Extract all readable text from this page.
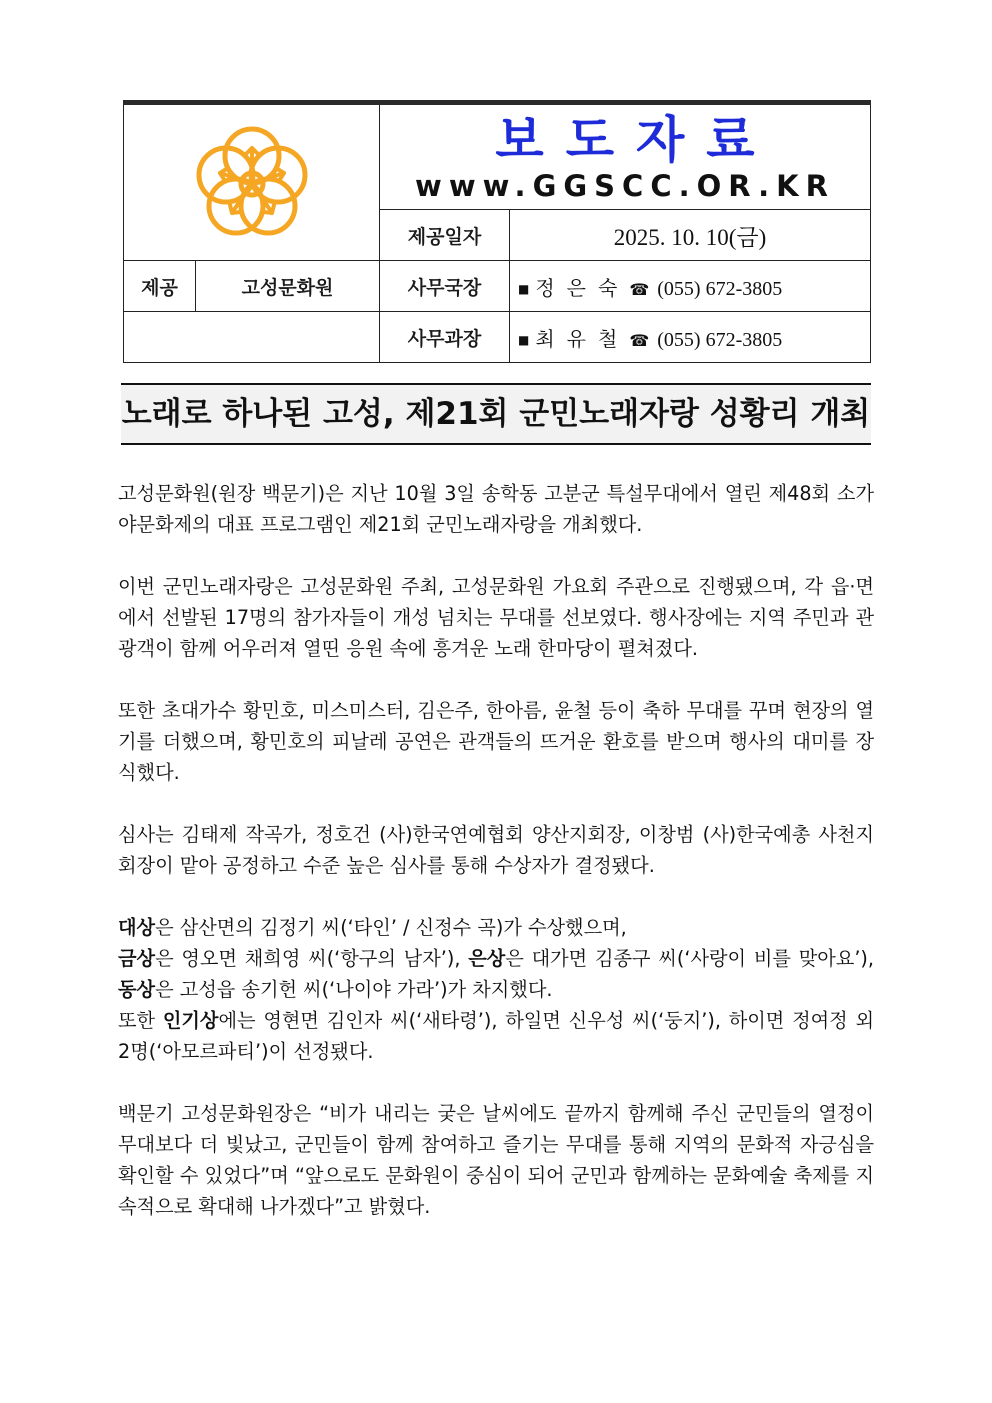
보도자료
www.GGSCC.OR.KR	

		제공일자	2025. 10. 10(금)
제공	고성문화원	사무국장	■ 정은숙☎ (055) 672-3805
		사무과장	■ 최유철☎ (055) 672-3805
노래로 하나된 고성, 제21회 군민노래자랑 성황리 개최

고성문화원(원장 백문기)은 지난 10월 3일 송학동 고분군 특설무대에서 열린 제48회 소가야문화제의 대표 프로그램인 제21회 군민노래자랑을 개최했다.

이번 군민노래자랑은 고성문화원 주최, 고성문화원 가요회 주관으로 진행됐으며, 각 읍·면에서 선발된 17명의 참가자들이 개성 넘치는 무대를 선보였다. 행사장에는 지역 주민과 관광객이 함께 어우러져 열띤 응원 속에 흥겨운 노래 한마당이 펼쳐졌다.

또한 초대가수 황민호, 미스미스터, 김은주, 한아름, 윤철 등이 축하 무대를 꾸며 현장의 열기를 더했으며, 황민호의 피날레 공연은 관객들의 뜨거운 환호를 받으며 행사의 대미를 장식했다.

심사는 김태제 작곡가, 정호건 (사)한국연예협회 양산지회장, 이창범 (사)한국예총 사천지회장이 맡아 공정하고 수준 높은 심사를 통해 수상자가 결정됐다.

대상은 삼산면의 김정기 씨(‘타인’ / 신정수 곡)가 수상했으며,

금상은 영오면 채희영 씨(‘항구의 남자’), 은상은 대가면 김종구 씨(‘사랑이 비를 맞아요’), 동상은 고성읍 송기헌 씨(‘나이야 가라’)가 차지했다.

또한 인기상에는 영현면 김인자 씨(‘새타령’), 하일면 신우성 씨(‘둥지’), 하이면 정여정 외 2명(‘아모르파티’)이 선정됐다.

백문기 고성문화원장은 “비가 내리는 궂은 날씨에도 끝까지 함께해 주신 군민들의 열정이 무대보다 더 빛났고, 군민들이 함께 참여하고 즐기는 무대를 통해 지역의 문화적 자긍심을 확인할 수 있었다”며 “앞으로도 문화원이 중심이 되어 군민과 함께하는 문화예술 축제를 지속적으로 확대해 나가겠다”고 밝혔다.
